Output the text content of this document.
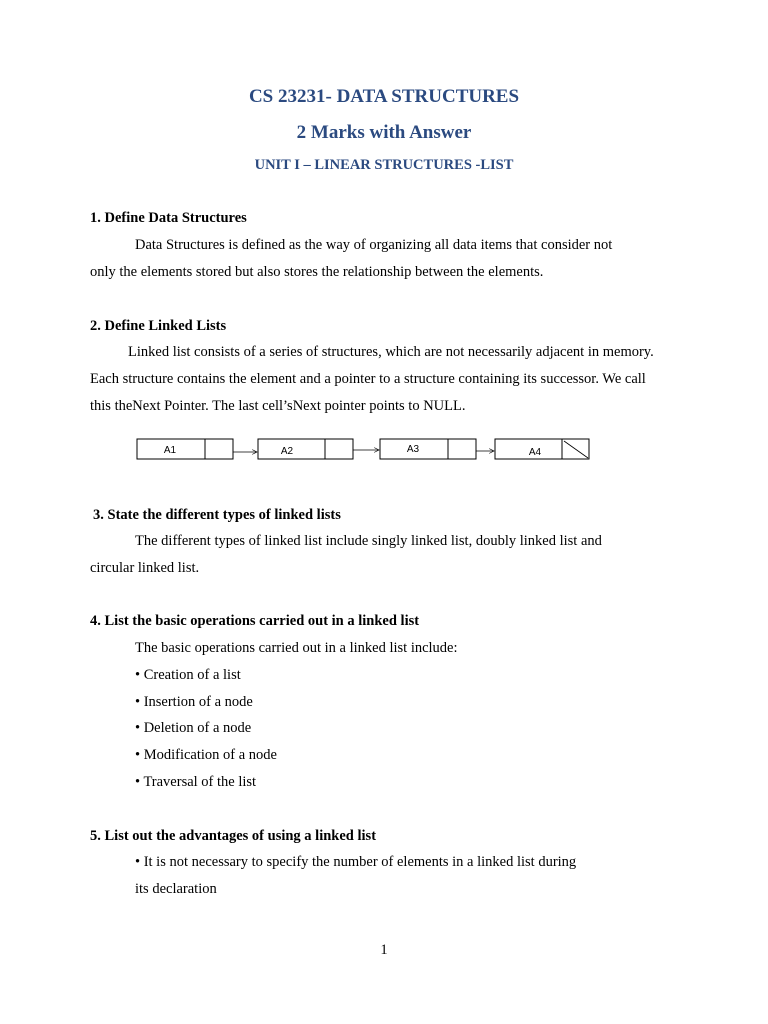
CS 23231- DATA STRUCTURES
2 Marks with Answer
UNIT I – LINEAR STRUCTURES -LIST
1. Define Data Structures
Data Structures is defined as the way of organizing all data items that consider not
only the elements stored but also stores the relationship between the elements.
2. Define Linked Lists
Linked list consists of a series of structures, which are not necessarily adjacent in memory.
Each structure contains the element and a pointer to a structure containing its successor. We call
this theNext Pointer. The last cell’sNext pointer points to NULL.
A1	A2	A3	A4
3. State the different types of linked lists
The different types of linked list include singly linked list, doubly linked list and
circular linked list.
4. List the basic operations carried out in a linked list
The basic operations carried out in a linked list include:
• Creation of a list
• Insertion of a node
• Deletion of a node
• Modification of a node
• Traversal of the list
5. List out the advantages of using a linked list
• It is not necessary to specify the number of elements in a linked list during
its declaration
1
